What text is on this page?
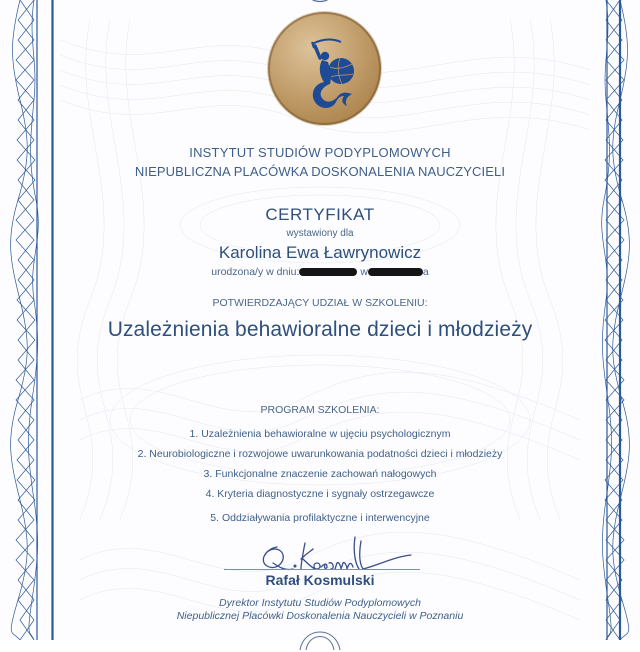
INSTYTUT STUDIÓW PODYPLOMOWYCH
NIEPUBLICZNA PLACÓWKA DOSKONALENIA NAUCZYCIELI
CERTYFIKAT
wystawiony dla
Karolina Ewa Ławrynowicz
urodzona/y w dniu:	w	a
POTWIERDZAJĄCY UDZIAŁ W SZKOLENIU:
Uzależnienia behawioralne dzieci i młodzieży
PROGRAM SZKOLENIA:
1. Uzależnienia behawioralne w ujęciu psychologicznym
2. Neurobiologiczne i rozwojowe uwarunkowania podatności dzieci i młodzieży
3. Funkcjonalne znaczenie zachowań nałogowych
4. Kryteria diagnostyczne i sygnały ostrzegawcze
5. Oddziaływania profilaktyczne i interwencyjne
Rafał Kosmulski
Dyrektor Instytutu Studiów Podyplomowych
Niepublicznej Placówki Doskonalenia Nauczycieli w Poznaniu
